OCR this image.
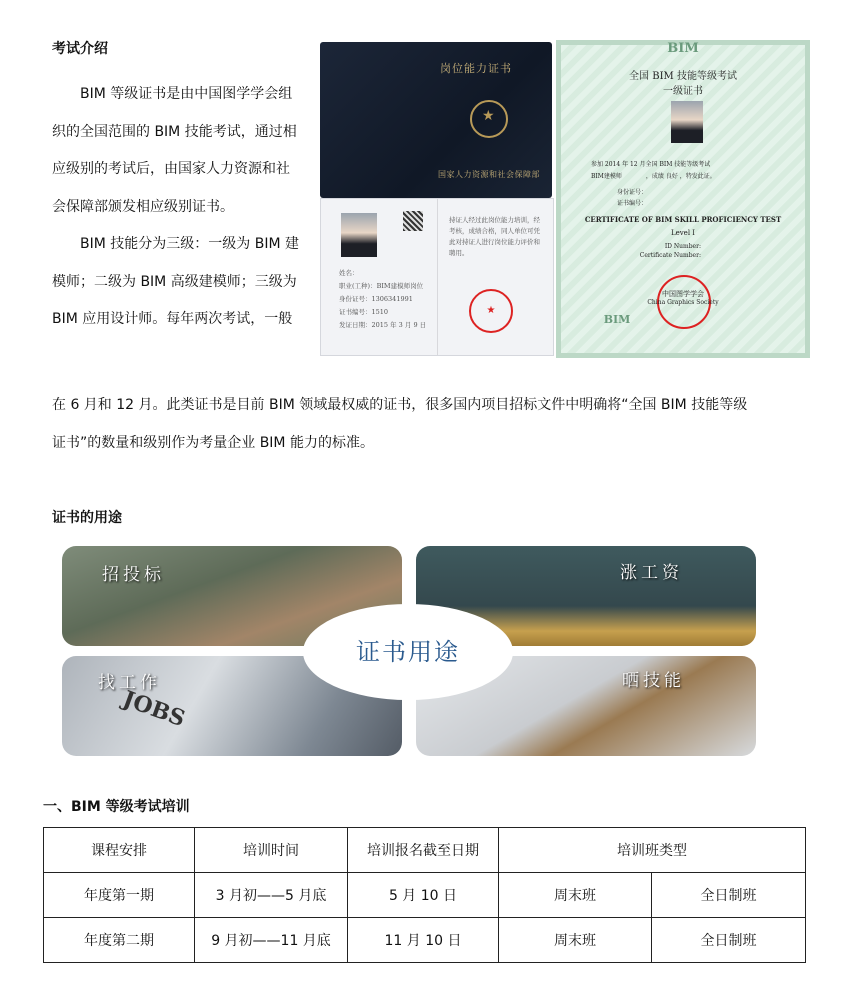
考试介绍
BIM 等级证书是由中国图学学会组
织的全国范围的 BIM 技能考试，通过相
应级别的考试后，由国家人力资源和社
会保障部颁发相应级别证书。
BIM 技能分为三级：一级为 BIM 建
模师；二级为 BIM 高级建模师；三级为
BIM 应用设计师。每年两次考试，一般
在 6 月和 12 月。此类证书是目前 BIM 领域最权威的证书，很多国内项目招标文件中明确将“全国 BIM 技能等级
证书”的数量和级别作为考量企业 BIM 能力的标准。
岗位能力证书
★
国家人力资源和社会保障部
姓名：
职业(工种)：BIM建模师岗位
身份证号：1306341991
证书编号：1510
发证日期：2015 年 3 月 9 日
持证人经过此岗位能力培训，经考核，成绩合格，同人单位可凭此对持证人进行岗位能力评价和聘用。
★
BIM
全国 BIM 技能等级考试
一级证书
参加 2014 年 12 月全国 BIM 技能等级考试
BIM建模师　　　　，成绩 良好 ，特发此证。
身份证号：
证书编号：
CERTIFICATE OF BIM SKILL PROFICIENCY TEST
Level I
ID Number:
Certificate Number:
中国图学学会
China Graphics Society
BIM
证书的用途
招投标	涨工资
找工作
JOBS
晒技能
证书用途
一、BIM 等级考试培训
课程安排	培训时间	培训报名截至日期	培训班类型	
年度第一期	3 月初——5 月底	5 月 10 日	周末班	全日制班
年度第二期	9 月初——11 月底	11 月 10 日	周末班	全日制班
